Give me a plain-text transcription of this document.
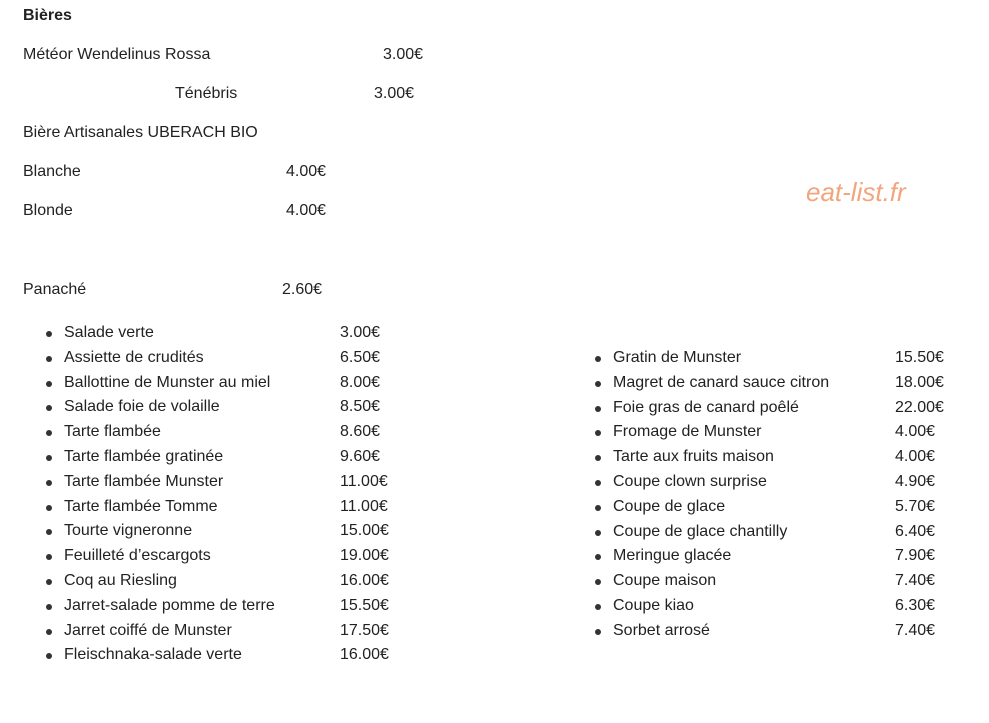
Bières
Météor Wendelinus Rossa	3.00€
Ténébris	3.00€
Bière Artisanales UBERACH BIO
Blanche	4.00€
Blonde	4.00€
Panaché	2.60€
eat-list.fr
Salade verte	3.00€
Assiette de crudités	6.50€
Ballottine de Munster au miel	8.00€
Salade foie de volaille	8.50€
Tarte flambée	8.60€
Tarte flambée gratinée	9.60€
Tarte flambée Munster	11.00€
Tarte flambée Tomme	11.00€
Tourte vigneronne	15.00€
Feuilleté d’escargots	19.00€
Coq au Riesling	16.00€
Jarret-salade pomme de terre	15.50€
Jarret coiffé de Munster	17.50€
Fleischnaka-salade verte	16.00€
Gratin de Munster	15.50€
Magret de canard sauce citron	18.00€
Foie gras de canard poêlé	22.00€
Fromage de Munster	4.00€
Tarte aux fruits maison	4.00€
Coupe clown surprise	4.90€
Coupe de glace	5.70€
Coupe de glace chantilly	6.40€
Meringue glacée	7.90€
Coupe maison	7.40€
Coupe kiao	6.30€
Sorbet arrosé	7.40€
